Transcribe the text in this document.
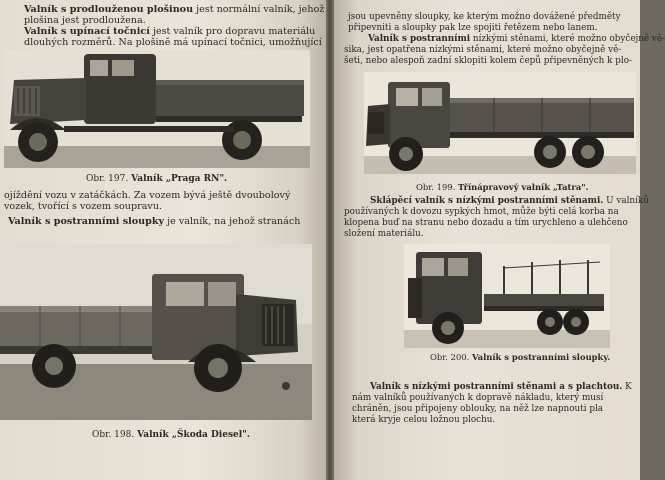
Valník s prodlouženou plošinou jest normální valník, jehož
plošina jest prodloužena.
Valník s upínací točnicí jest valník pro dopravu materiálu
dlouhých rozměrů. Na plošině má upínací točnici, umožňující
Obr. 197. Valník „Praga RN".
ojíždění vozu v zatáčkách. Za vozem bývá ještě dvoubolový
vozek, tvořící s vozem soupravu.
Valník s postranními sloupky je valník, na jehož stranách
Obr. 198. Valník „Škoda Diesel".
jsou upevněny sloupky, ke kterým možno dovážené předměty
připevniti a sloupky pak lze spojiti řetězem nebo lanem.
Valník s postranními nízkými stěnami, které možno obyčejně vě-
sika, jest opatřena nízkými stěnami, které možno obyčejně vě-
šeti, nebo alespoň zadní sklopiti kolem čepů připevněných k plo-
Obr. 199. Třínápravový valník „Tatra".
Sklápěcí valník s nízkými postranními stěnami. U valníků
používaných k dovozu sypkých hmot, může býti celá korba na
klopena buď na stranu nebo dozadu a tím urychleno a ulehčeno
složení materiálu.
Obr. 200. Valník s postranními sloupky.
Valník s nízkými postranními stěnami a s plachtou. K
nám valníků používaných k dopravě nákladu, který musí
chráněn, jsou připojeny oblouky, na něž lze napnouti pla
která kryje celou ložnou plochu.
